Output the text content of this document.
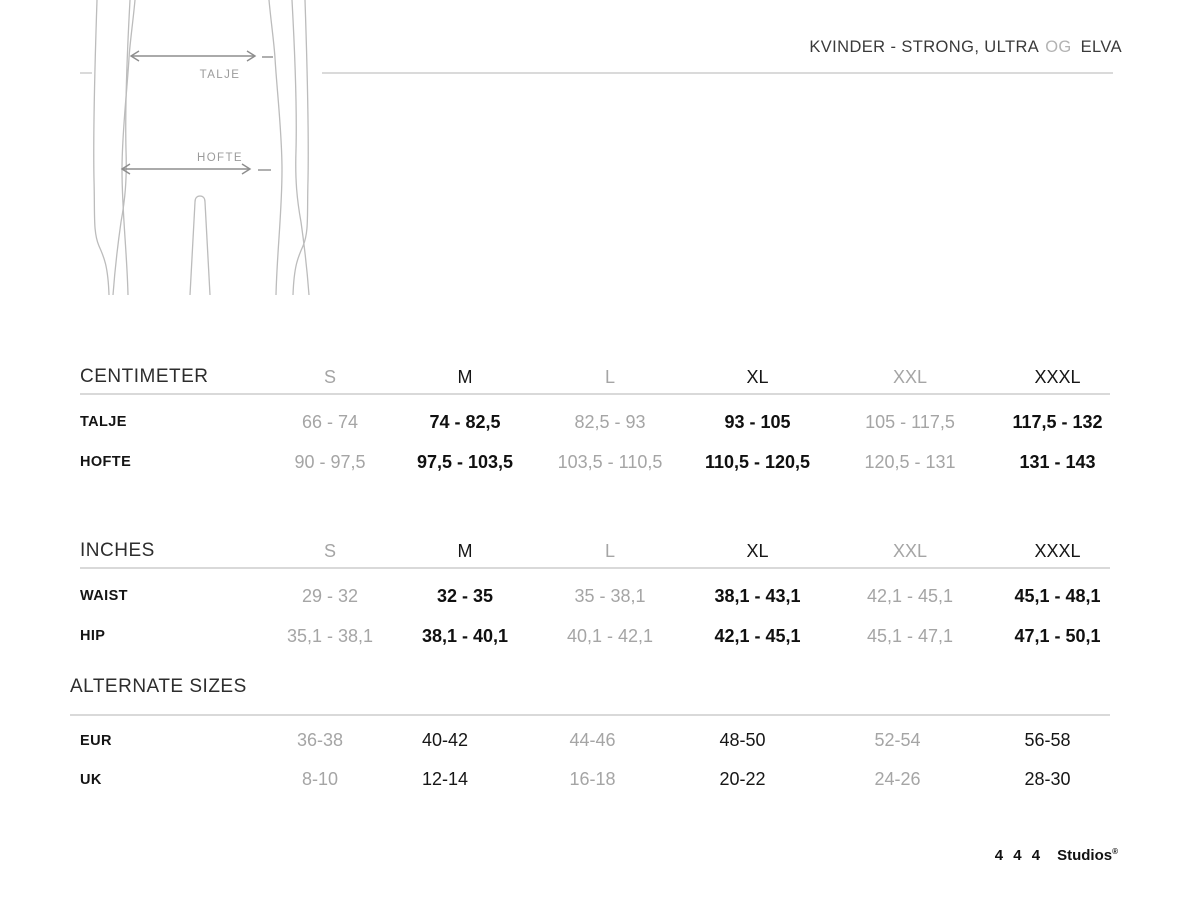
KVINDER - STRONG, ULTRA OG ELVA
TALJE
HOFTE
CENTIMETER	S	M	L	XL	XXL	XXXL
TALJE	66 - 74	74 - 82,5	82,5 - 93	93 - 105	105 - 117,5	117,5 - 132
HOFTE	90 - 97,5	97,5 - 103,5	103,5 - 110,5	110,5 - 120,5	120,5 - 131	131 - 143
INCHES	S	M	L	XL	XXL	XXXL
WAIST	29 - 32	32 - 35	35 - 38,1	38,1 - 43,1	42,1 - 45,1	45,1 - 48,1
HIP	35,1 - 38,1	38,1 - 40,1	40,1 - 42,1	42,1 - 45,1	45,1 - 47,1	47,1 - 50,1
ALTERNATE SIZES
EUR	36-38	40-42	44-46	48-50	52-54	56-58
UK	8-10	12-14	16-18	20-22	24-26	28-30
4 4 4 Studios®
